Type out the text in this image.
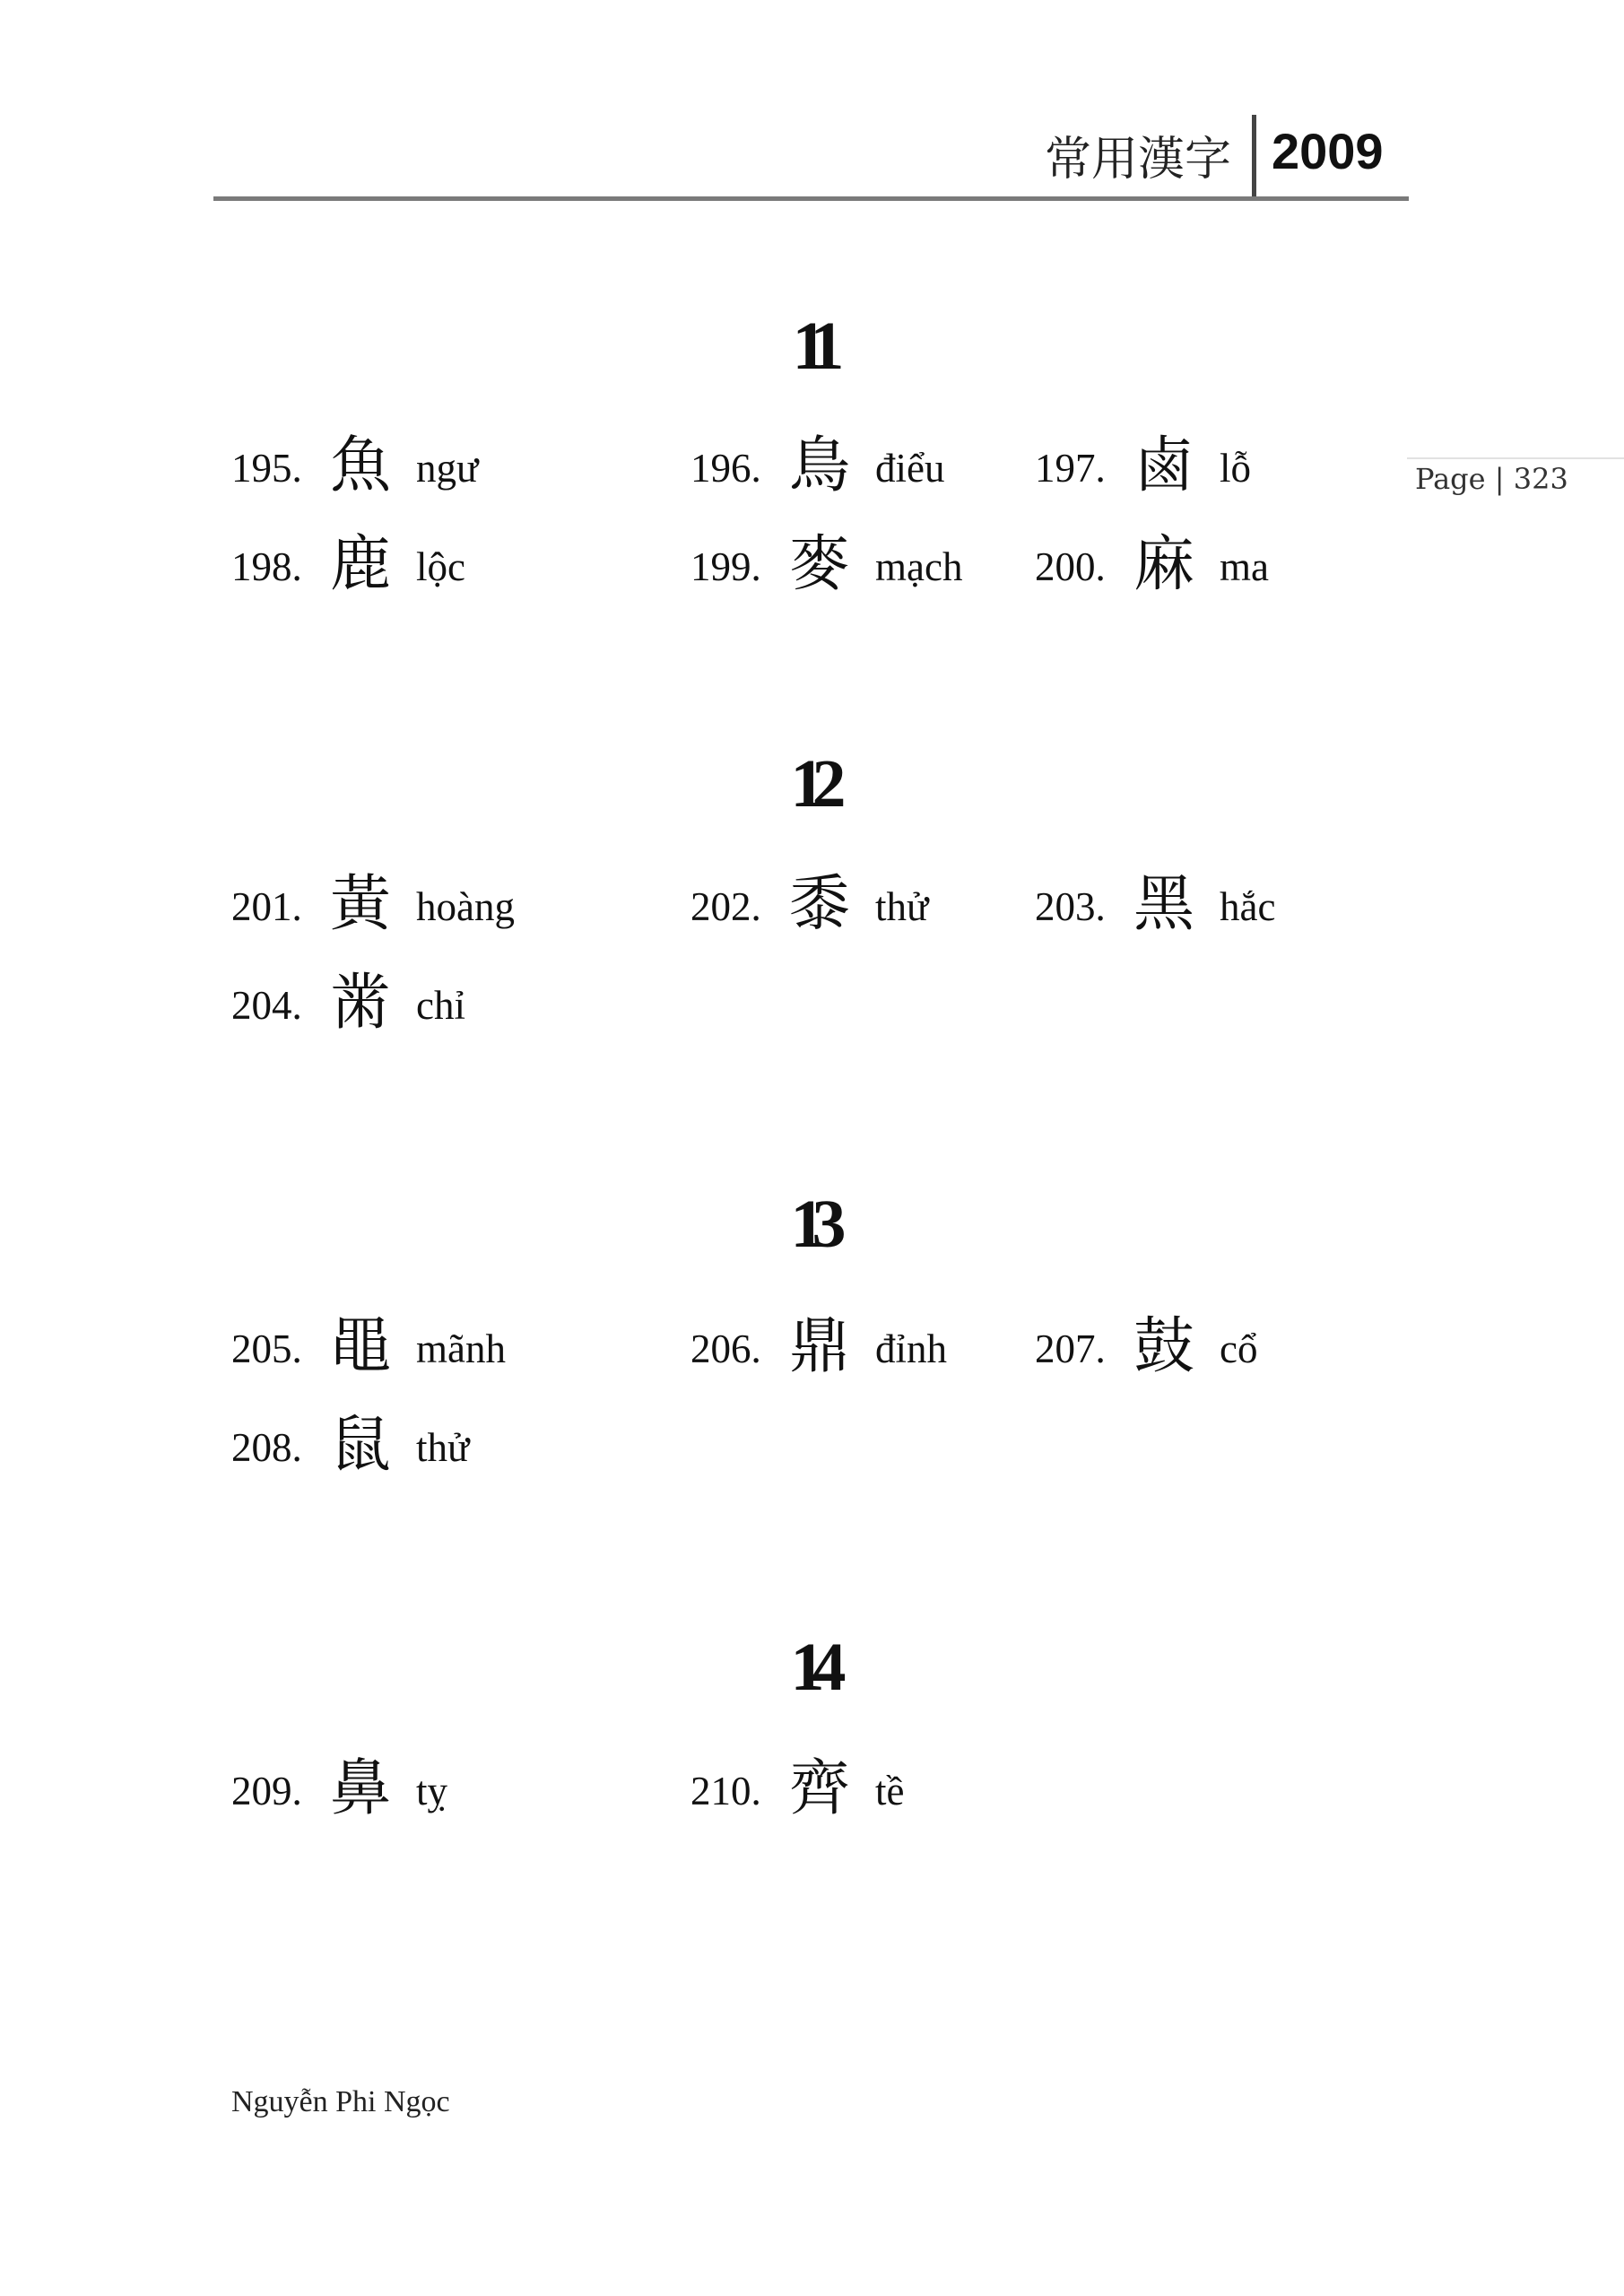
常用漢字 2009
Page | 323
11
195. 魚 ngư	196. 鳥 điểu 197. 鹵 lỗ
198. 鹿 lộc	199. 麥 mạch 200. 麻 ma
12
201. 黃 hoàng	202. 黍 thử	203. 黑 hắc
204. 黹 chỉ
13
205. 黽 mãnh	206. 鼎 đỉnh 207. 鼓 cổ
208. 鼠 thử
14
209. 鼻 tỵ	210. 齊 tề
Nguyễn Phi Ngọc
